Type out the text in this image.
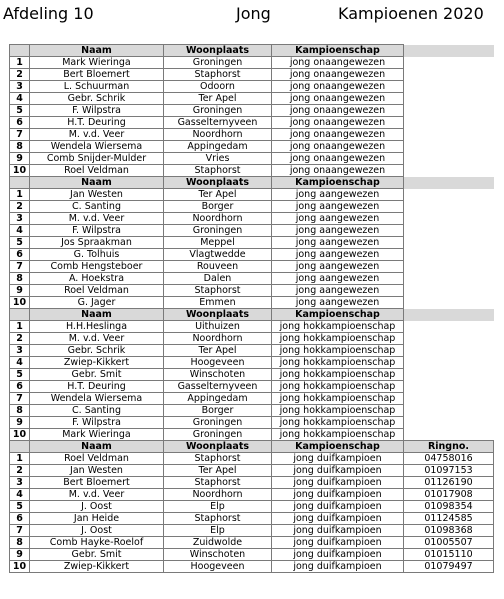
Afdeling 10	Jong	Kampioenen 2020
	Naam	Woonplaats	Kampioenschap	
1	Mark Wieringa	Groningen	jong onaangewezen	
2	Bert Bloemert	Staphorst	jong onaangewezen	
3	L. Schuurman	Odoorn	jong onaangewezen	
4	Gebr. Schrik	Ter Apel	jong onaangewezen	
5	F. Wilpstra	Groningen	jong onaangewezen	
6	H.T. Deuring	Gasselternyveen	jong onaangewezen	
7	M. v.d. Veer	Noordhorn	jong onaangewezen	
8	Wendela Wiersema	Appingedam	jong onaangewezen	
9	Comb Snijder-Mulder	Vries	jong onaangewezen	
10	Roel Veldman	Staphorst	jong onaangewezen	
	Naam	Woonplaats	Kampioenschap	
1	Jan Westen	Ter Apel	jong aangewezen	
2	C. Santing	Borger	jong aangewezen	
3	M. v.d. Veer	Noordhorn	jong aangewezen	
4	F. Wilpstra	Groningen	jong aangewezen	
5	Jos Spraakman	Meppel	jong aangewezen	
6	G. Tolhuis	Vlagtwedde	jong aangewezen	
7	Comb Hengsteboer	Rouveen	jong aangewezen	
8	A. Hoekstra	Dalen	jong aangewezen	
9	Roel Veldman	Staphorst	jong aangewezen	
10	G. Jager	Emmen	jong aangewezen	
	Naam	Woonplaats	Kampioenschap	
1	H.H.Heslinga	Uithuizen	jong hokkampioenschap	
2	M. v.d. Veer	Noordhorn	jong hokkampioenschap	
3	Gebr. Schrik	Ter Apel	jong hokkampioenschap	
4	Zwiep-Kikkert	Hoogeveen	jong hokkampioenschap	
5	Gebr. Smit	Winschoten	jong hokkampioenschap	
6	H.T. Deuring	Gasselternyveen	jong hokkampioenschap	
7	Wendela Wiersema	Appingedam	jong hokkampioenschap	
8	C. Santing	Borger	jong hokkampioenschap	
9	F. Wilpstra	Groningen	jong hokkampioenschap	
10	Mark Wieringa	Groningen	jong hokkampioenschap	
	Naam	Woonplaats	Kampioenschap	Ringno.
1	Roel Veldman	Staphorst	jong duifkampioen	04758016
2	Jan Westen	Ter Apel	jong duifkampioen	01097153
3	Bert Bloemert	Staphorst	jong duifkampioen	01126190
4	M. v.d. Veer	Noordhorn	jong duifkampioen	01017908
5	J. Oost	Elp	jong duifkampioen	01098354
6	Jan Heide	Staphorst	jong duifkampioen	01124585
7	J. Oost	Elp	jong duifkampioen	01098368
8	Comb Hayke-Roelof	Zuidwolde	jong duifkampioen	01005507
9	Gebr. Smit	Winschoten	jong duifkampioen	01015110
10	Zwiep-Kikkert	Hoogeveen	jong duifkampioen	01079497
